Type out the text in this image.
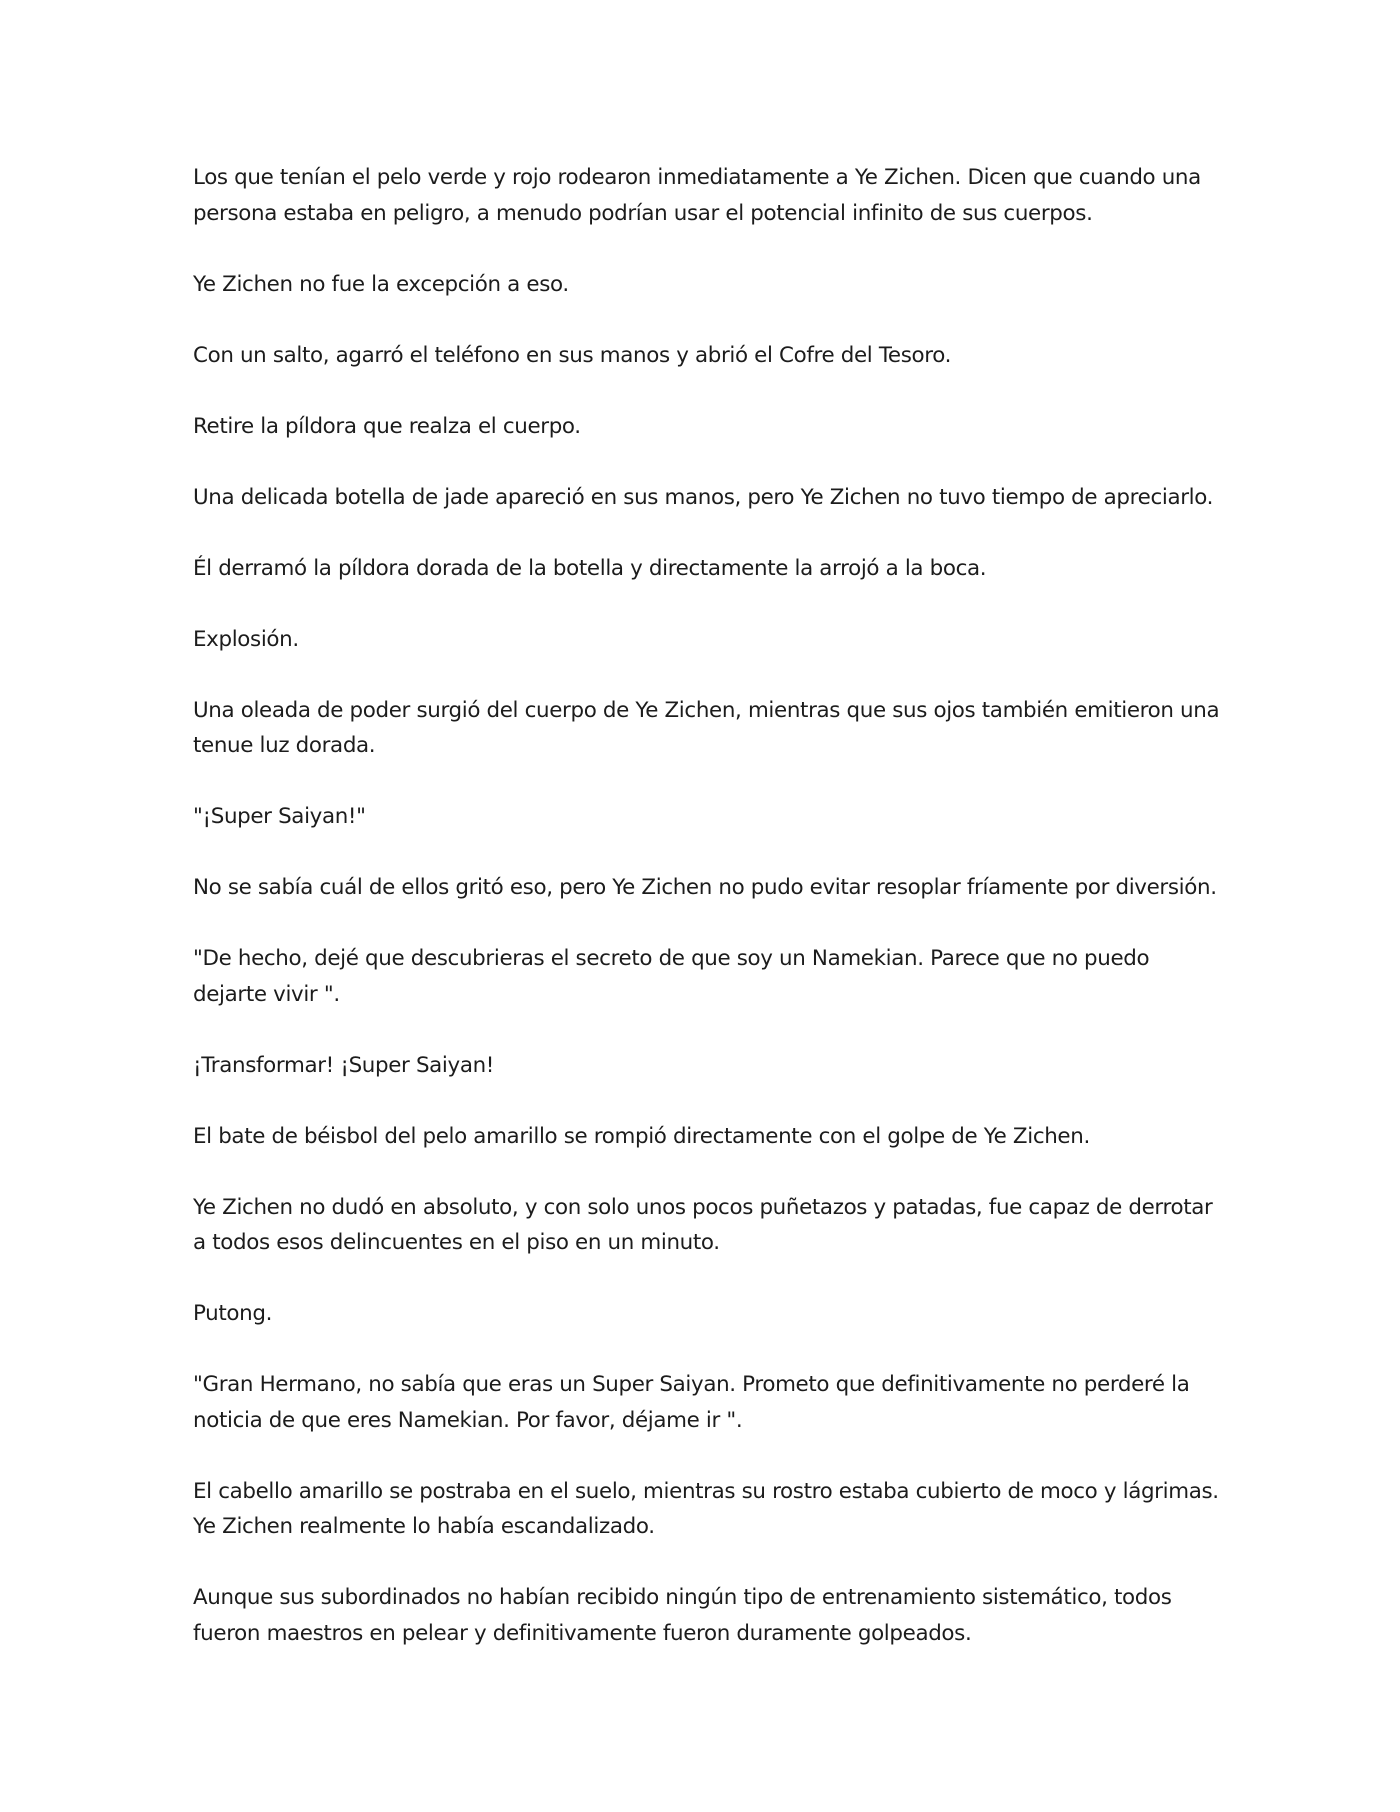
Los que tenían el pelo verde y rojo rodearon inmediatamente a Ye Zichen. Dicen que cuando una persona estaba en peligro, a menudo podrían usar el potencial infinito de sus cuerpos.

Ye Zichen no fue la excepción a eso.

Con un salto, agarró el teléfono en sus manos y abrió el Cofre del Tesoro.

Retire la píldora que realza el cuerpo.

Una delicada botella de jade apareció en sus manos, pero Ye Zichen no tuvo tiempo de apreciarlo.

Él derramó la píldora dorada de la botella y directamente la arrojó a la boca.

Explosión.

Una oleada de poder surgió del cuerpo de Ye Zichen, mientras que sus ojos también emitieron una tenue luz dorada.

"¡Super Saiyan!"

No se sabía cuál de ellos gritó eso, pero Ye Zichen no pudo evitar resoplar fríamente por diversión.

"De hecho, dejé que descubrieras el secreto de que soy un Namekian. Parece que no puedo dejarte vivir ".

¡Transformar! ¡Super Saiyan!

El bate de béisbol del pelo amarillo se rompió directamente con el golpe de Ye Zichen.

Ye Zichen no dudó en absoluto, y con solo unos pocos puñetazos y patadas, fue capaz de derrotar a todos esos delincuentes en el piso en un minuto.

Putong.

"Gran Hermano, no sabía que eras un Super Saiyan. Prometo que definitivamente no perderé la noticia de que eres Namekian. Por favor, déjame ir ".

El cabello amarillo se postraba en el suelo, mientras su rostro estaba cubierto de moco y lágrimas. Ye Zichen realmente lo había escandalizado.

Aunque sus subordinados no habían recibido ningún tipo de entrenamiento sistemático, todos fueron maestros en pelear y definitivamente fueron duramente golpeados.
